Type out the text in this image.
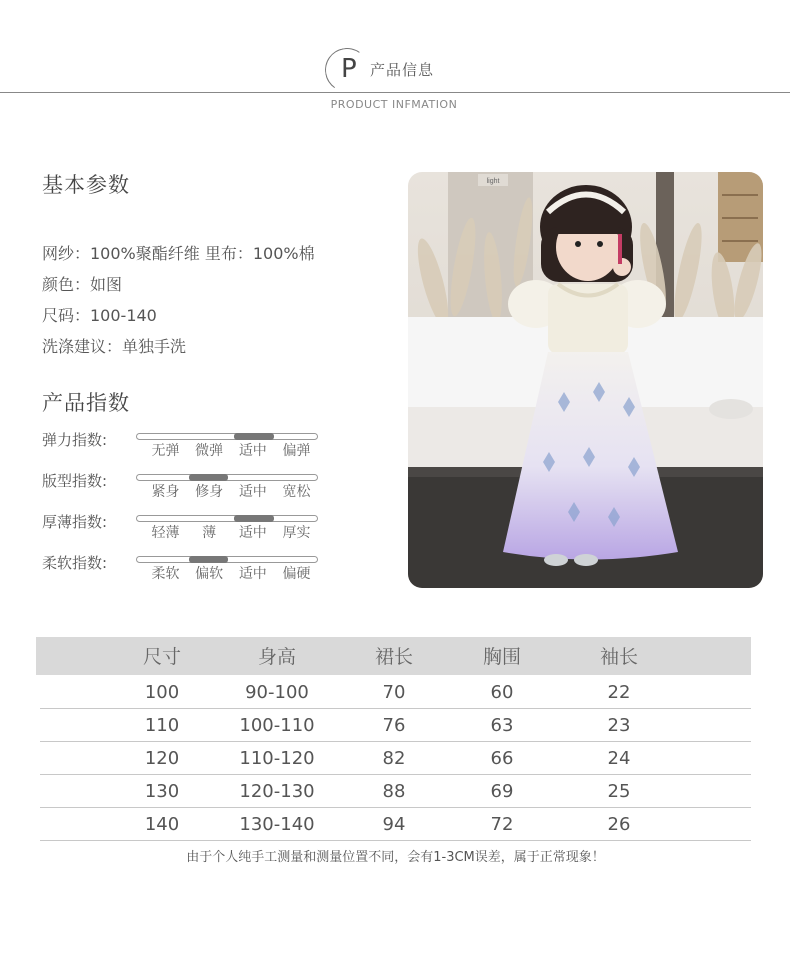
P 产品信息
PRODUCT INFMATION
基本参数
网纱：100%聚酯纤维 里布：100%棉
颜色：如图
尺码：100-140
洗涤建议：单独手洗
产品指数
弹力指数:
无弹	微弹	适中	偏弹
版型指数:
紧身	修身	适中	宽松
厚薄指数:
轻薄	薄	适中	厚实
柔软指数:
柔软	偏软	适中	偏硬
light
尺寸	身高	裙长	胸围	袖长
100	90-100	70	60	22
110	100-110	76	63	23
120	110-120	82	66	24
130	120-130	88	69	25
140	130-140	94	72	26
由于个人纯手工测量和测量位置不同，会有1-3CM误差，属于正常现象！
